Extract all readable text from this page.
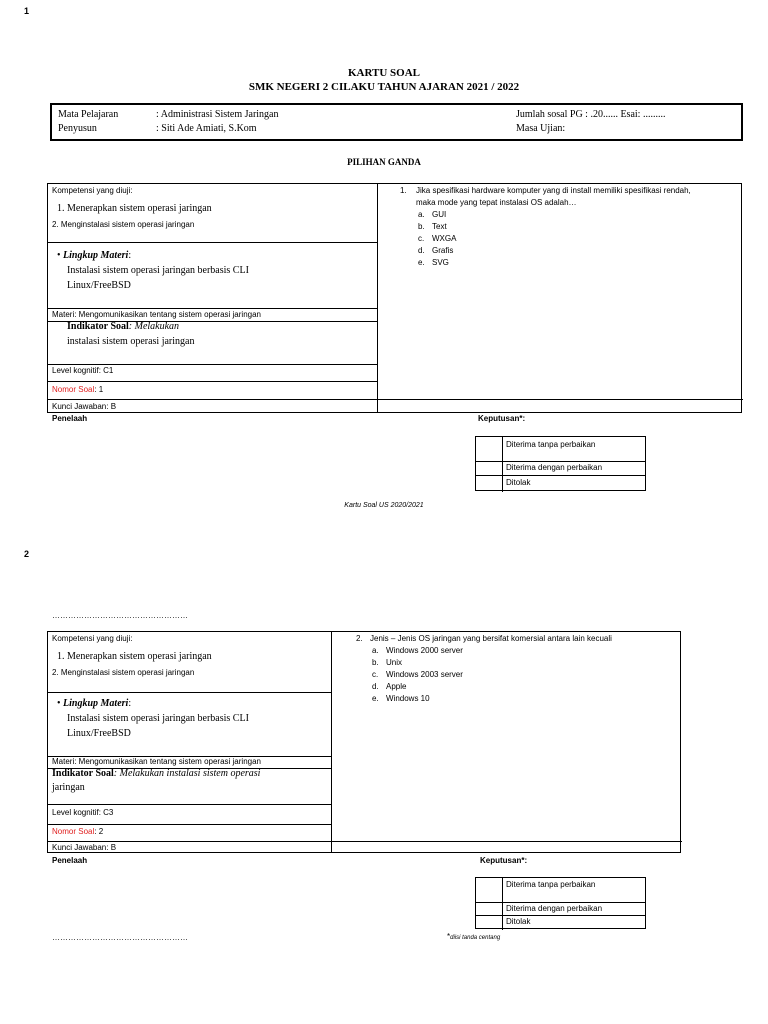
1
KARTU SOAL
SMK NEGERI 2 CILAKU TAHUN AJARAN 2021 / 2022
Mata Pelajaran	: Administrasi Sistem Jaringan	Jumlah sosal PG : .20...... Esai: .........
Penyusun	: Siti Ade Amiati, S.Kom	Masa Ujian:
PILIHAN GANDA
Kompetensi yang diuji:
1. Menerapkan sistem operasi jaringan
2. Menginstalasi sistem operasi jaringan
• Lingkup Materi:
Instalasi sistem operasi jaringan berbasis CLI
Linux/FreeBSD
Materi: Mengomunikasikan tentang sistem operasi jaringan
Indikator Soal: Melakukan
instalasi sistem operasi jaringan
Level kognitif: C1
Nomor Soal: 1
Kunci Jawaban: B
1. Jika spesifikasi hardware komputer yang di install memiliki spesifikasi rendah,
maka mode yang tepat instalasi OS adalah…
a. GUI
b. Text
c. WXGA
d. Grafis
e. SVG
Penelaah	Keputusan*:
Diterima tanpa perbaikan
Diterima dengan perbaikan
Ditolak
Kartu Soal US 2020/2021
2
……………………………………………
Kompetensi yang diuji:
1. Menerapkan sistem operasi jaringan
2. Menginstalasi sistem operasi jaringan
• Lingkup Materi:
Instalasi sistem operasi jaringan berbasis CLI
Linux/FreeBSD
Materi: Mengomunikasikan tentang sistem operasi jaringan
Indikator Soal: Melakukan instalasi sistem operasi
jaringan
Level kognitif: C3
Nomor Soal: 2
Kunci Jawaban: B
2. Jenis – Jenis OS jaringan yang bersifat komersial antara lain kecuali
a. Windows 2000 server
b. Unix
c. Windows 2003 server
d. Apple
e. Windows 10
Penelaah	Keputusan*:
Diterima tanpa perbaikan
Diterima dengan perbaikan
Ditolak
……………………………………………	*diisi tanda centang
